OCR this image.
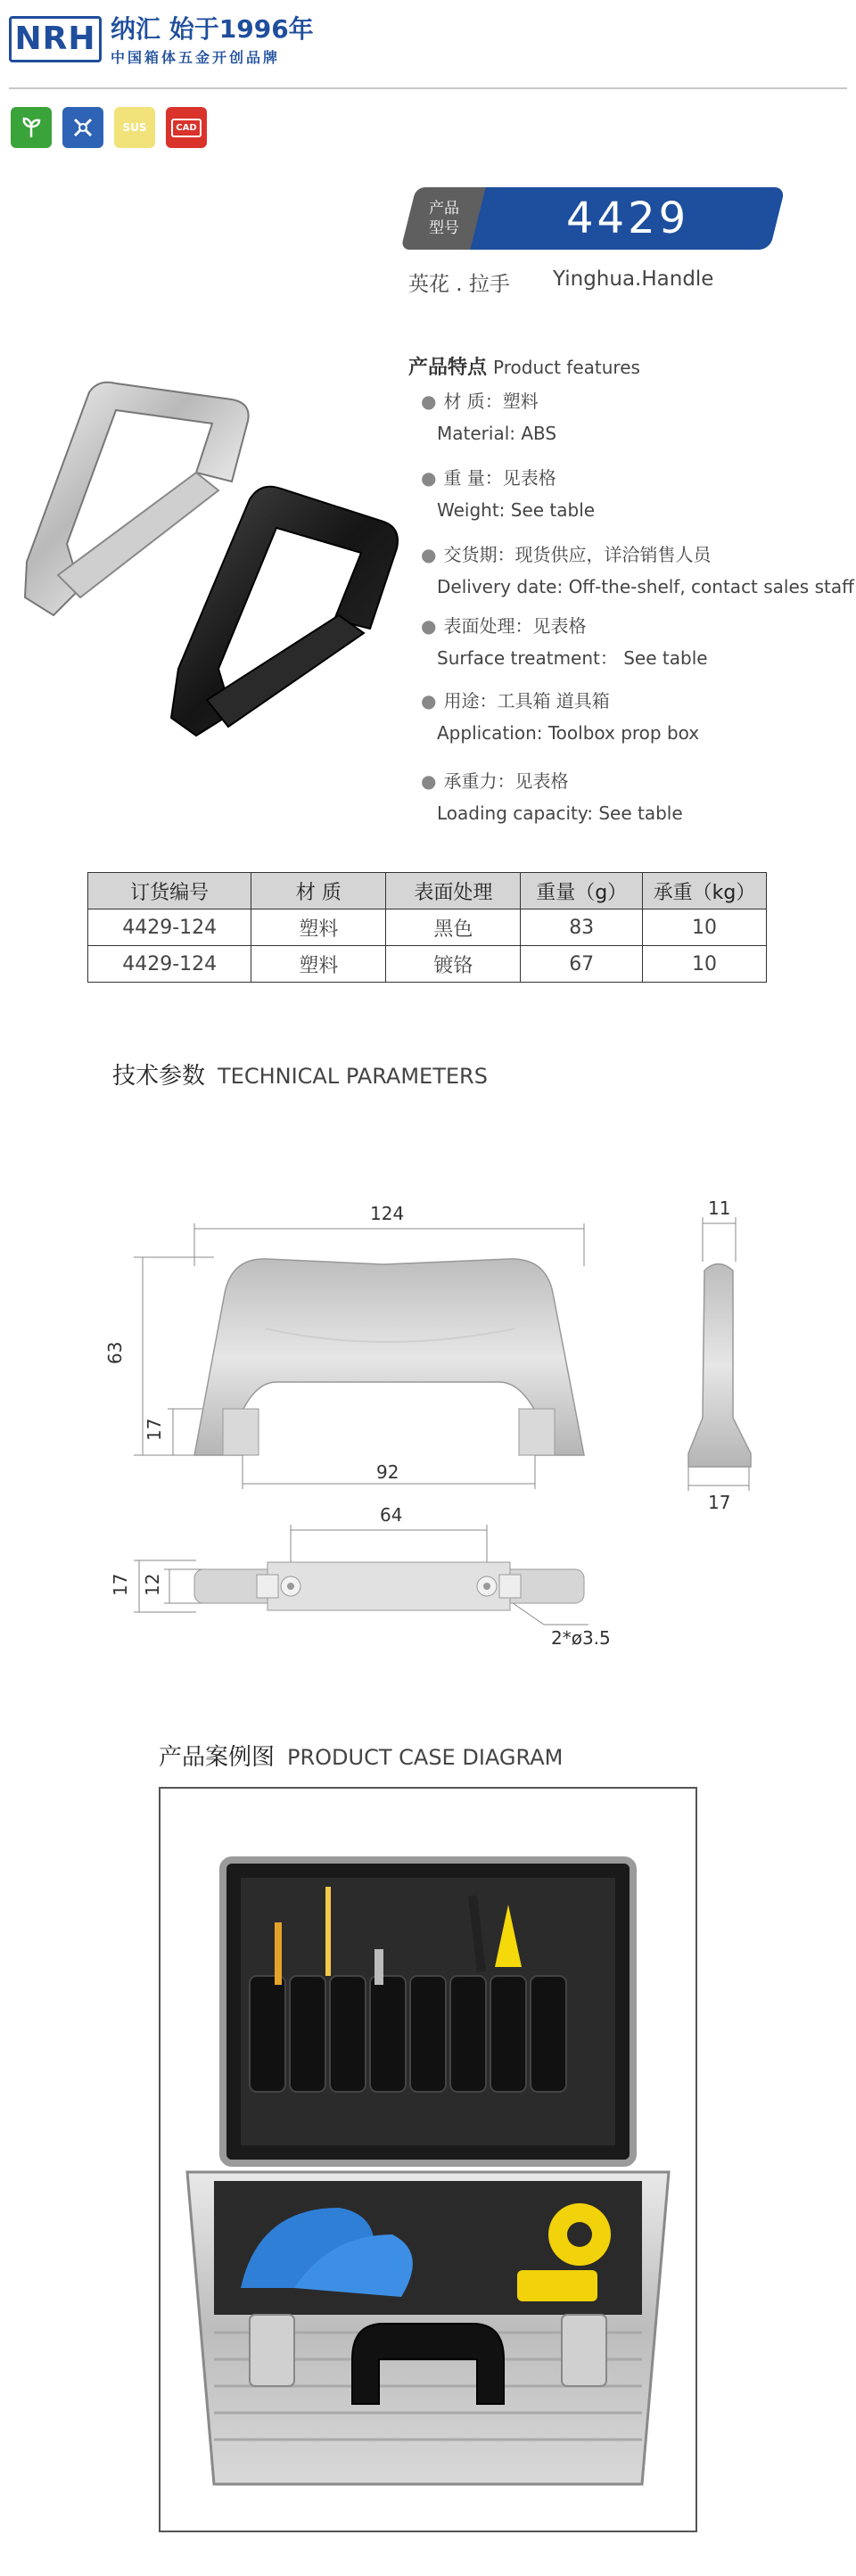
NRH 纳汇 始于1996年
中国箱体五金开创品牌
SUS	CAD
产品型号 4429
英花 . 拉手 Yinghua.Handle
产品特点 Product features
● 材 质：塑料
Material: ABS
● 重 量：见表格
Weight: See table
● 交货期：现货供应，详洽销售人员
Delivery date: Off-the-shelf, contact sales staff
● 表面处理：见表格
Surface treatment： See table
● 用途：工具箱 道具箱
Application: Toolbox prop box
● 承重力：见表格
Loading capacity: See table
订货编号	材 质	表面处理	重量（g）	承重（kg）
4429-124	塑料	黑色	83	10
4429-124	塑料	镀铬	67	10
技术参数 TECHNICAL PARAMETERS
124
63
17
92
11
17
64
17 12
2*ø3.5
产品案例图 PRODUCT CASE DIAGRAM
